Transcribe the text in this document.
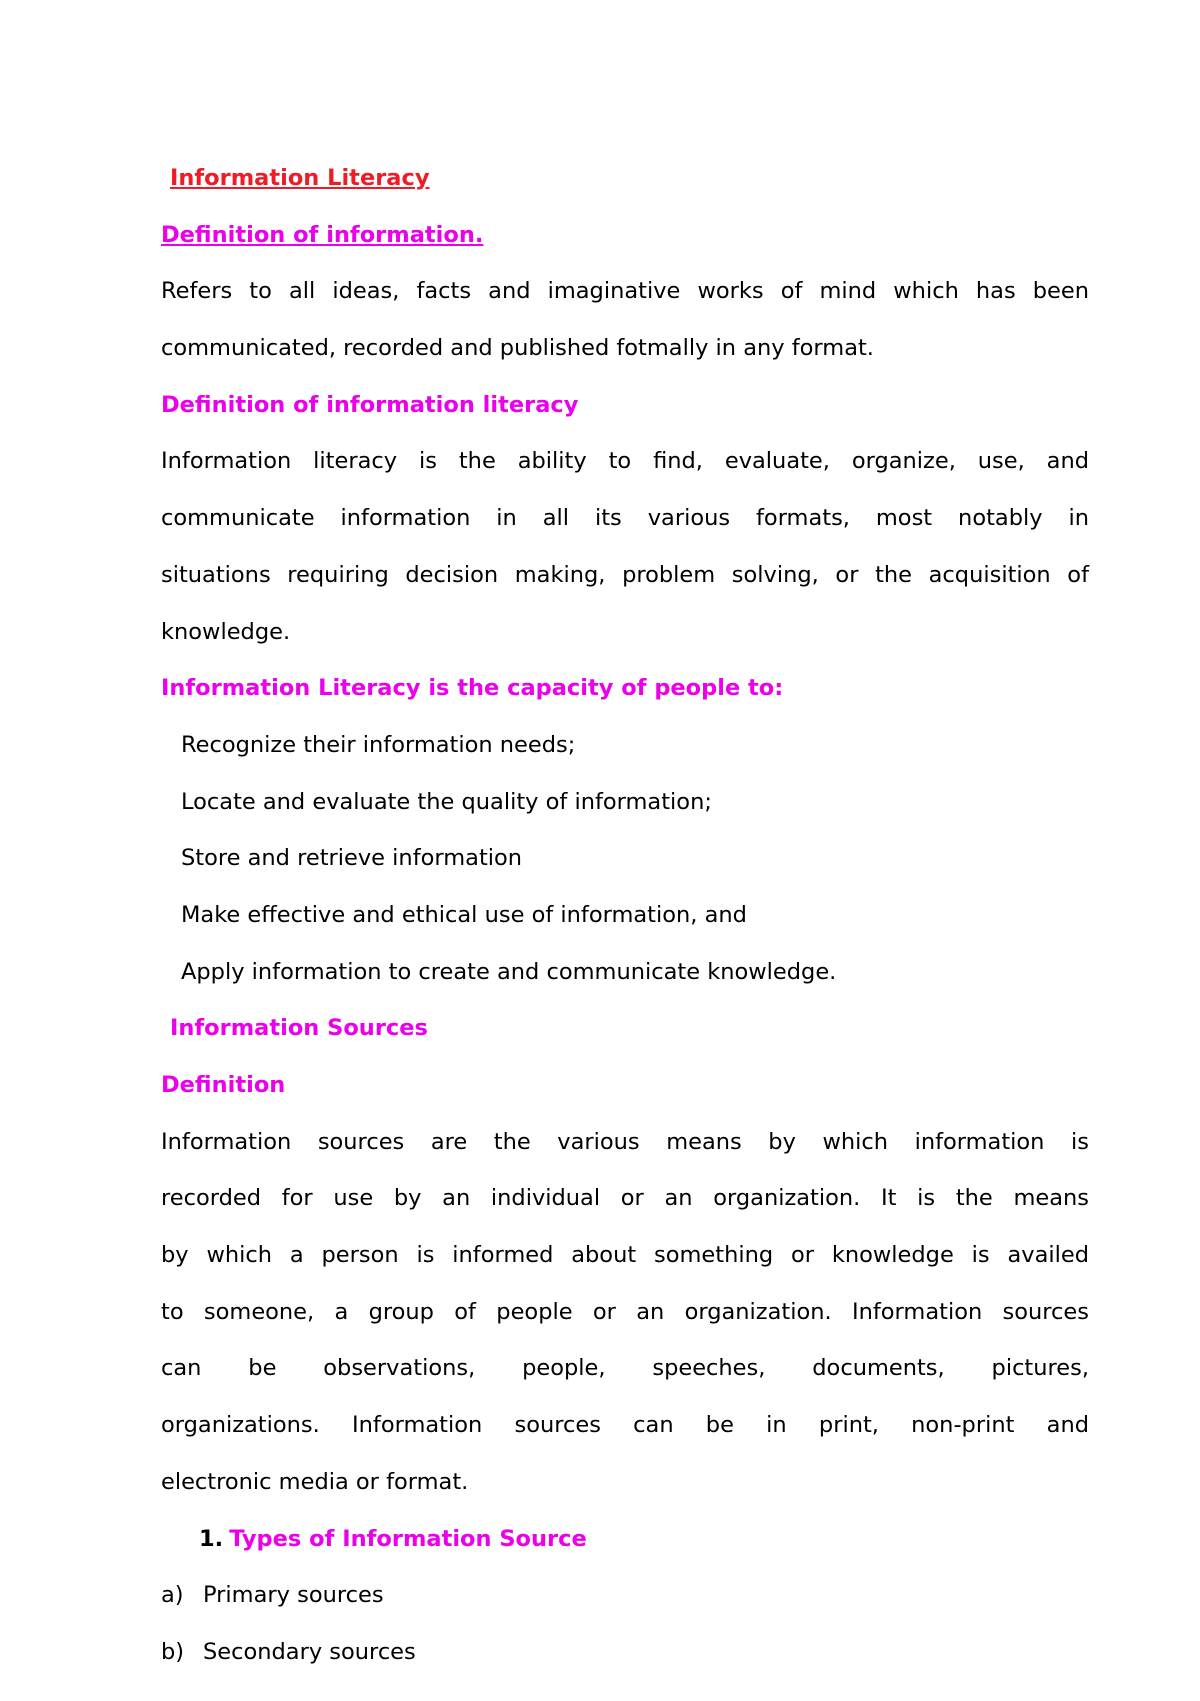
Information Literacy
Definition of information.
Refers to all ideas, facts and imaginative works of mind which has been
communicated, recorded and published fotmally in any format.
Definition of information literacy
Information literacy is the ability to find, evaluate, organize, use, and
communicate information in all its various formats, most notably in
situations requiring decision making, problem solving, or the acquisition of
knowledge.
Information Literacy is the capacity of people to:
Recognize their information needs;
Locate and evaluate the quality of information;
Store and retrieve information
Make effective and ethical use of information, and
Apply information to create and communicate knowledge.
Information Sources
Definition
Information sources are the various means by which information is
recorded for use by an individual or an organization. It is the means
by which a person is informed about something or knowledge is availed
to someone, a group of people or an organization. Information sources
can be observations, people, speeches, documents, pictures,
organizations. Information sources can be in print, non-print and
electronic media or format.
1. Types of Information Source
a) Primary sources
b) Secondary sources
